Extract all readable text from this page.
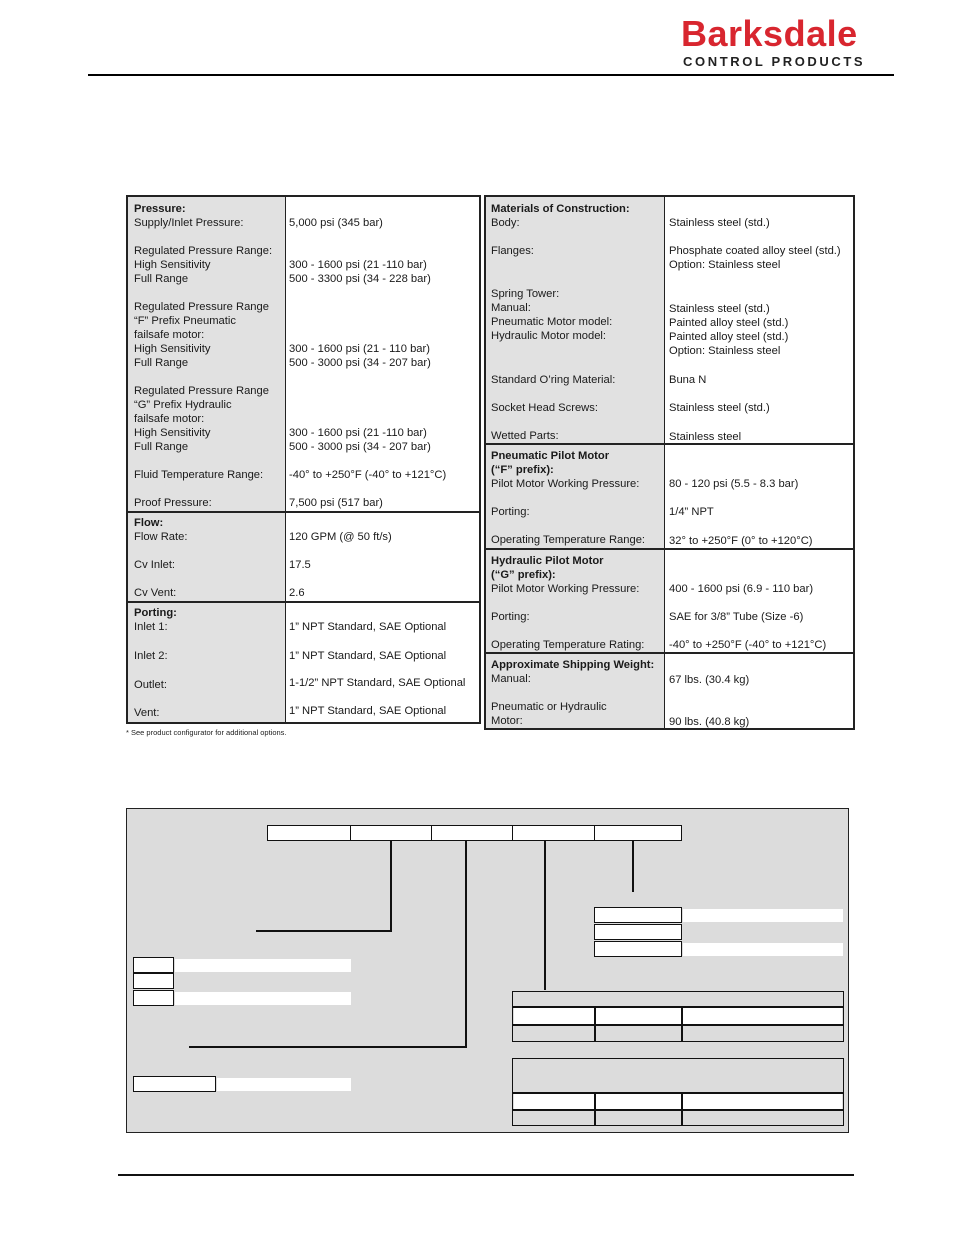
Barksdale
CONTROL PRODUCTS
Pressure:
Supply/Inlet Pressure:	5,000 psi (345 bar)
Regulated Pressure Range:
High Sensitivity	300 - 1600 psi (21 -110 bar)
Full Range	500 - 3300 psi (34 - 228 bar)
Regulated Pressure Range
“F” Prefix Pneumatic
failsafe motor:
High Sensitivity	300 - 1600 psi (21 - 110 bar)
Full Range	500 - 3000 psi (34 - 207 bar)
Regulated Pressure Range
“G” Prefix Hydraulic
failsafe motor:
High Sensitivity	300 - 1600 psi (21 -110 bar)
Full Range	500 - 3000 psi (34 - 207 bar)
Fluid Temperature Range: -40° to +250°F (-40° to +121°C)
Proof Pressure:	7,500 psi (517 bar)
Flow:
Flow Rate:	120 GPM (@ 50 ft/s)
Cv Inlet:	17.5
Cv Vent:	2.6
Porting:
Inlet 1:	1” NPT Standard, SAE Optional
Inlet 2:	1” NPT Standard, SAE Optional
Outlet:	1-1/2” NPT Standard, SAE Optional
Vent:	1” NPT Standard, SAE Optional
* See product configurator for additional options.
Materials of Construction:
Body:	Stainless steel (std.)
Flanges:	Phosphate coated alloy steel (std.)
Option: Stainless steel
Spring Tower:
Manual:	Stainless steel (std.)
Pneumatic Motor model:	Painted alloy steel (std.)
Hydraulic Motor model:	Painted alloy steel (std.)
Option: Stainless steel
Standard O’ring Material:	Buna N
Socket Head Screws:	Stainless steel (std.)
Wetted Parts:	Stainless steel
Pneumatic Pilot Motor
(“F” prefix):
Pilot Motor Working Pressure:	80 - 120 psi (5.5 - 8.3 bar)
Porting:	1/4” NPT
Operating Temperature Range: 32° to +250°F (0° to +120°C)
Hydraulic Pilot Motor
(“G” prefix):
Pilot Motor Working Pressure:	400 - 1600 psi (6.9 - 110 bar)
Porting:	SAE for 3/8” Tube (Size -6)
Operating Temperature Rating: -40° to +250°F (-40° to +121°C)
Approximate Shipping Weight:
Manual:	67 lbs. (30.4 kg)
Pneumatic or Hydraulic
Motor:	90 lbs. (40.8 kg)
